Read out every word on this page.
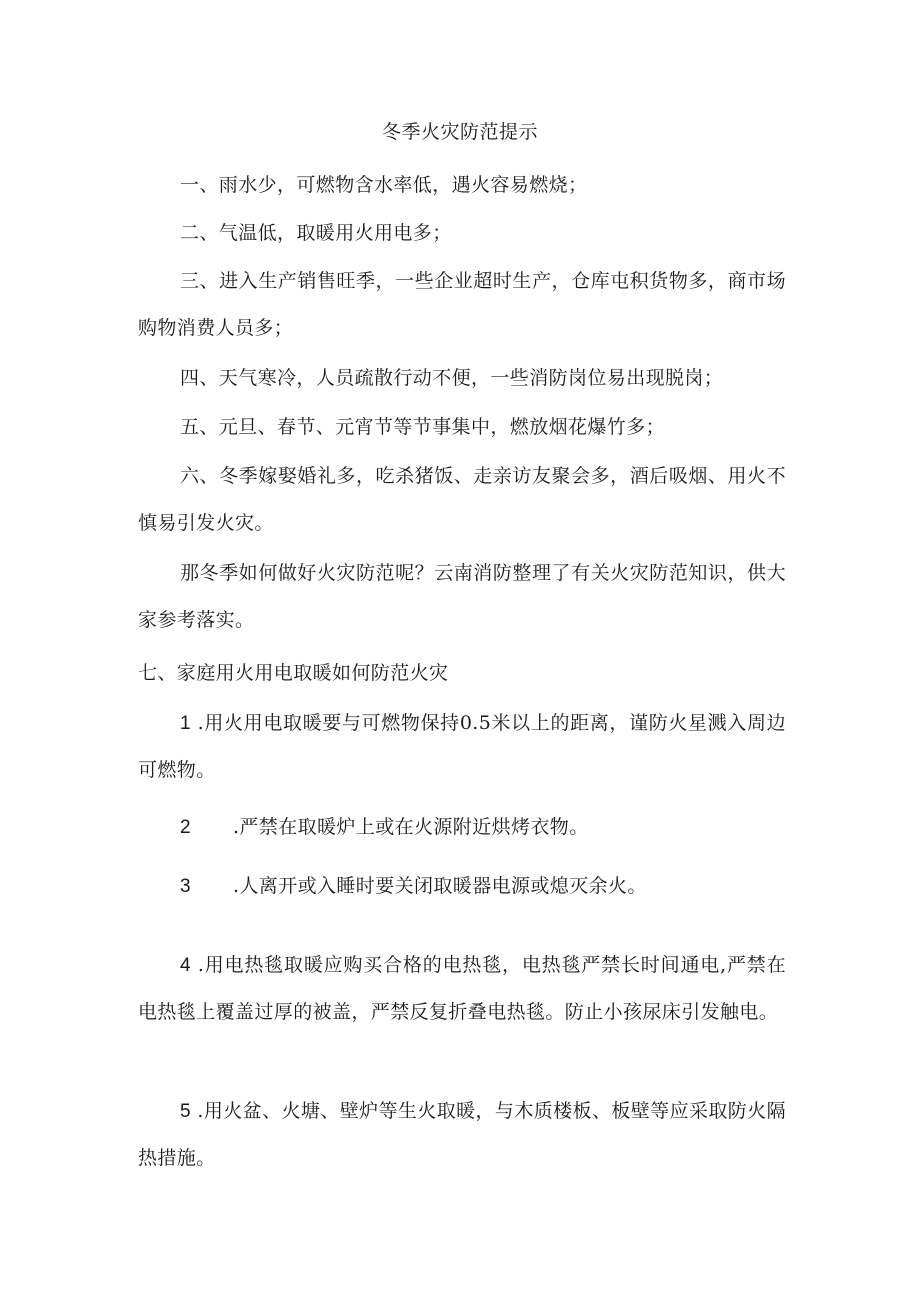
冬季火灾防范提示

一、雨水少，可燃物含水率低，遇火容易燃烧；

二、气温低，取暖用火用电多；

三、进入生产销售旺季，一些企业超时生产，仓库屯积货物多，商市场购物消费人员多；

四、天气寒冷，人员疏散行动不便，一些消防岗位易出现脱岗；

五、元旦、春节、元宵节等节事集中，燃放烟花爆竹多；

六、冬季嫁娶婚礼多，吃杀猪饭、走亲访友聚会多，酒后吸烟、用火不慎易引发火灾。

那冬季如何做好火灾防范呢？云南消防整理了有关火灾防范知识，供大家参考落实。

七、家庭用火用电取暖如何防范火灾

1 .用火用电取暖要与可燃物保持0.5米以上的距离，谨防火星溅入周边可燃物。

2 .严禁在取暖炉上或在火源附近烘烤衣物。

3 .人离开或入睡时要关闭取暖器电源或熄灭余火。

4 .用电热毯取暖应购买合格的电热毯，电热毯严禁长时间通电,严禁在电热毯上覆盖过厚的被盖，严禁反复折叠电热毯。防止小孩尿床引发触电。

5 .用火盆、火塘、壁炉等生火取暖，与木质楼板、板壁等应采取防火隔热措施。
